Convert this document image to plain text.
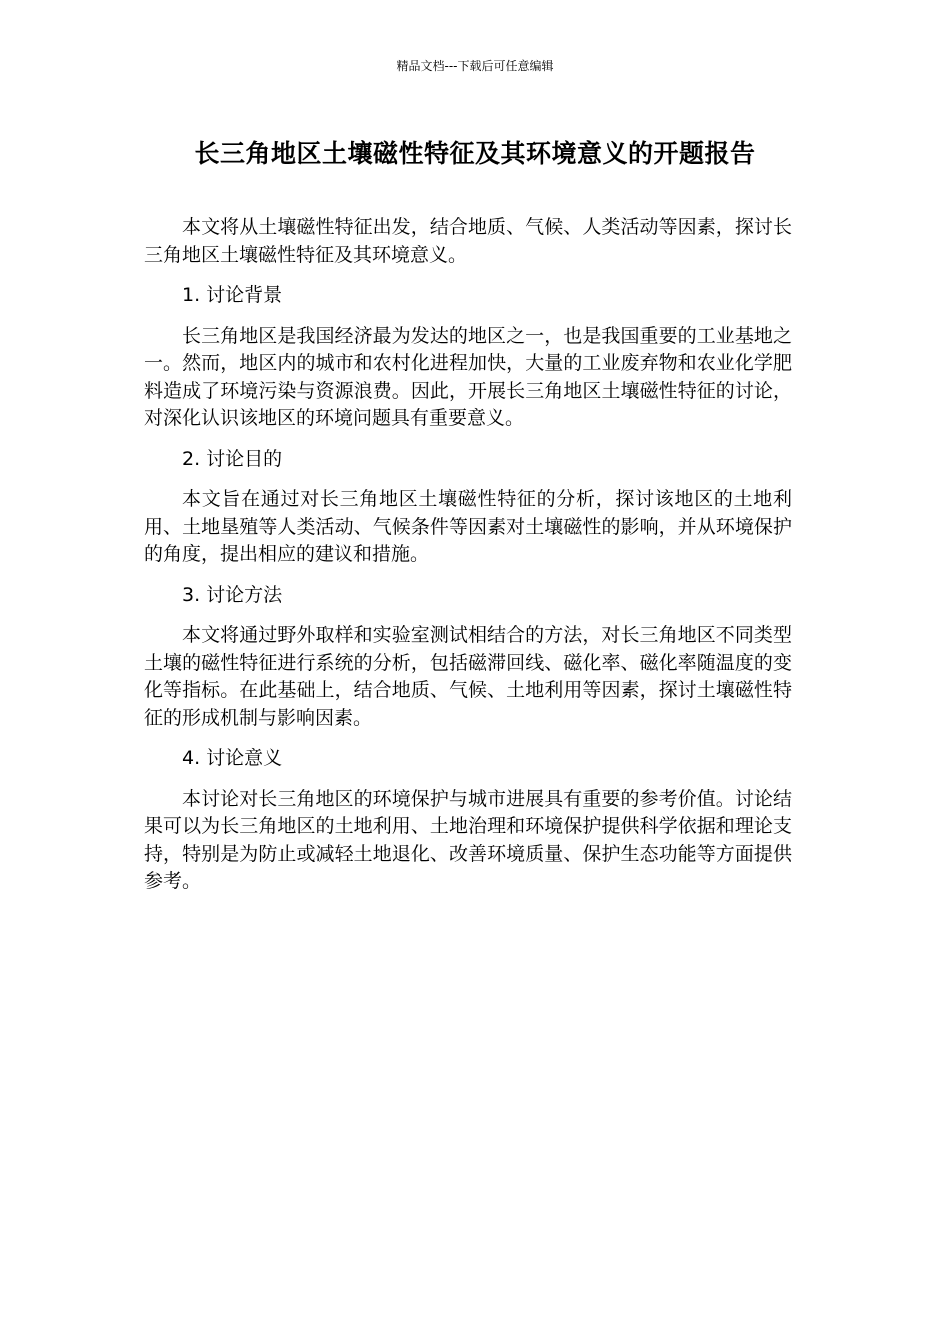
精品文档---下载后可任意编辑
长三角地区土壤磁性特征及其环境意义的开题报告

本文将从土壤磁性特征出发，结合地质、气候、人类活动等因素，探讨长三角地区土壤磁性特征及其环境意义。

1. 讨论背景

长三角地区是我国经济最为发达的地区之一，也是我国重要的工业基地之一。然而，地区内的城市和农村化进程加快，大量的工业废弃物和农业化学肥料造成了环境污染与资源浪费。因此，开展长三角地区土壤磁性特征的讨论，对深化认识该地区的环境问题具有重要意义。

2. 讨论目的

本文旨在通过对长三角地区土壤磁性特征的分析，探讨该地区的土地利用、土地垦殖等人类活动、气候条件等因素对土壤磁性的影响，并从环境保护的角度，提出相应的建议和措施。

3. 讨论方法

本文将通过野外取样和实验室测试相结合的方法，对长三角地区不同类型土壤的磁性特征进行系统的分析，包括磁滞回线、磁化率、磁化率随温度的变化等指标。在此基础上，结合地质、气候、土地利用等因素，探讨土壤磁性特征的形成机制与影响因素。

4. 讨论意义

本讨论对长三角地区的环境保护与城市进展具有重要的参考价值。讨论结果可以为长三角地区的土地利用、土地治理和环境保护提供科学依据和理论支持，特别是为防止或减轻土地退化、改善环境质量、保护生态功能等方面提供参考。
